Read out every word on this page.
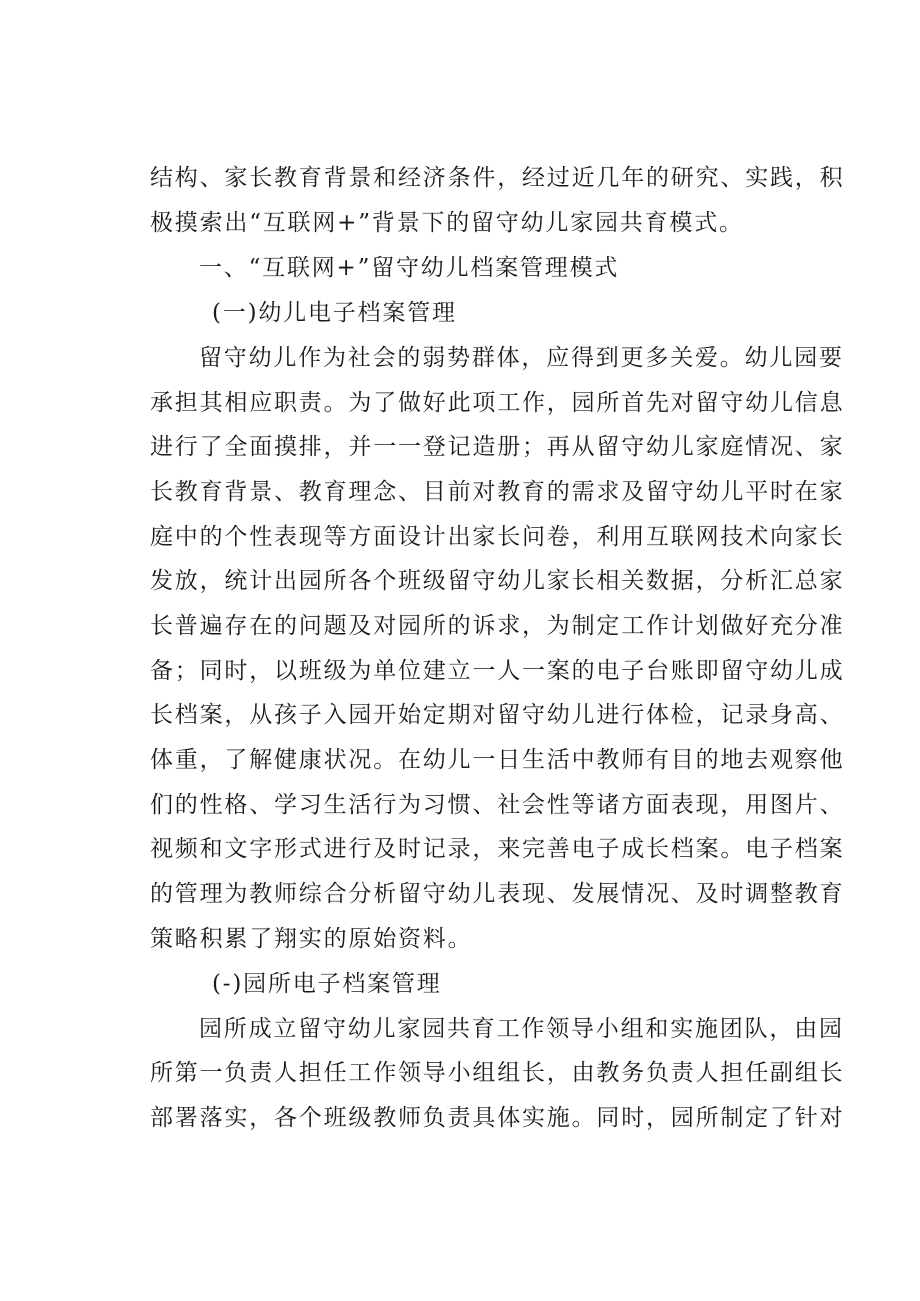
结构、家长教育背景和经济条件，经过近几年的研究、实践，积
极摸索出“互联网+”背景下的留守幼儿家园共育模式。
一、“互联网+”留守幼儿档案管理模式
(一)幼儿电子档案管理
留守幼儿作为社会的弱势群体，应得到更多关爱。幼儿园要
承担其相应职责。为了做好此项工作，园所首先对留守幼儿信息
进行了全面摸排，并一一登记造册；再从留守幼儿家庭情况、家
长教育背景、教育理念、目前对教育的需求及留守幼儿平时在家
庭中的个性表现等方面设计出家长问卷，利用互联网技术向家长
发放，统计出园所各个班级留守幼儿家长相关数据，分析汇总家
长普遍存在的问题及对园所的诉求，为制定工作计划做好充分准
备；同时，以班级为单位建立一人一案的电子台账即留守幼儿成
长档案，从孩子入园开始定期对留守幼儿进行体检，记录身高、
体重，了解健康状况。在幼儿一日生活中教师有目的地去观察他
们的性格、学习生活行为习惯、社会性等诸方面表现，用图片、
视频和文字形式进行及时记录，来完善电子成长档案。电子档案
的管理为教师综合分析留守幼儿表现、发展情况、及时调整教育
策略积累了翔实的原始资料。
(-)园所电子档案管理
园所成立留守幼儿家园共育工作领导小组和实施团队，由园
所第一负责人担任工作领导小组组长，由教务负责人担任副组长
部署落实，各个班级教师负责具体实施。同时，园所制定了针对
